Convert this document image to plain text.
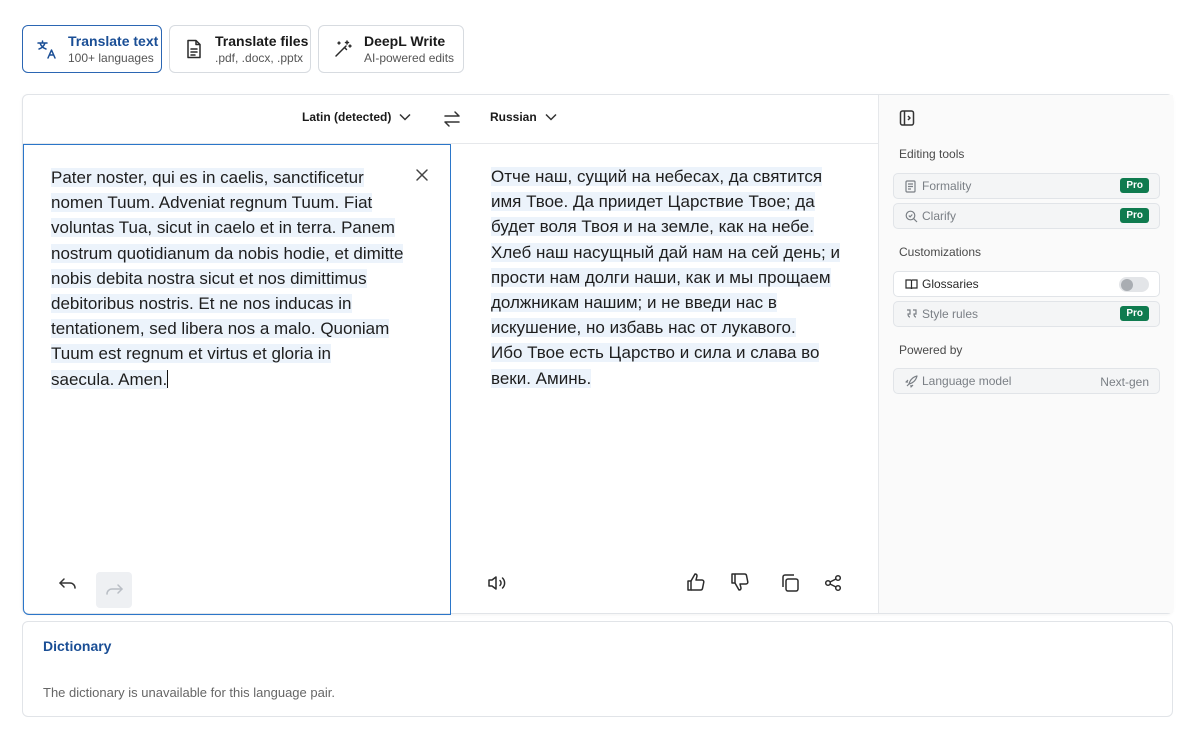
Translate text
100+ languages
Translate files
.pdf, .docx, .pptx
DeepL Write
AI-powered edits
Latin (detected)	Russian
Pater noster, qui es in caelis, sanctificetur
nomen Tuum. Adveniat regnum Tuum. Fiat
voluntas Tua, sicut in caelo et in terra. Panem
nostrum quotidianum da nobis hodie, et dimitte
nobis debita nostra sicut et nos dimittimus
debitoribus nostris. Et ne nos inducas in
tentationem, sed libera nos a malo. Quoniam
Tuum est regnum et virtus et gloria in
saecula. Amen.
Отче наш, сущий на небесах, да святится
имя Твое. Да приидет Царствие Твое; да
будет воля Твоя и на земле, как на небе.
Хлеб наш насущный дай нам на сей день; и
прости нам долги наши, как и мы прощаем
должникам нашим; и не введи нас в
искушение, но избавь нас от лукавого.
Ибо Твое есть Царство и сила и слава во
веки. Аминь.
Editing tools
Formality	Pro
Clarify	Pro
Customizations
Glossaries
Style rules	Pro
Powered by
Language model	Next-gen
Dictionary
The dictionary is unavailable for this language pair.
